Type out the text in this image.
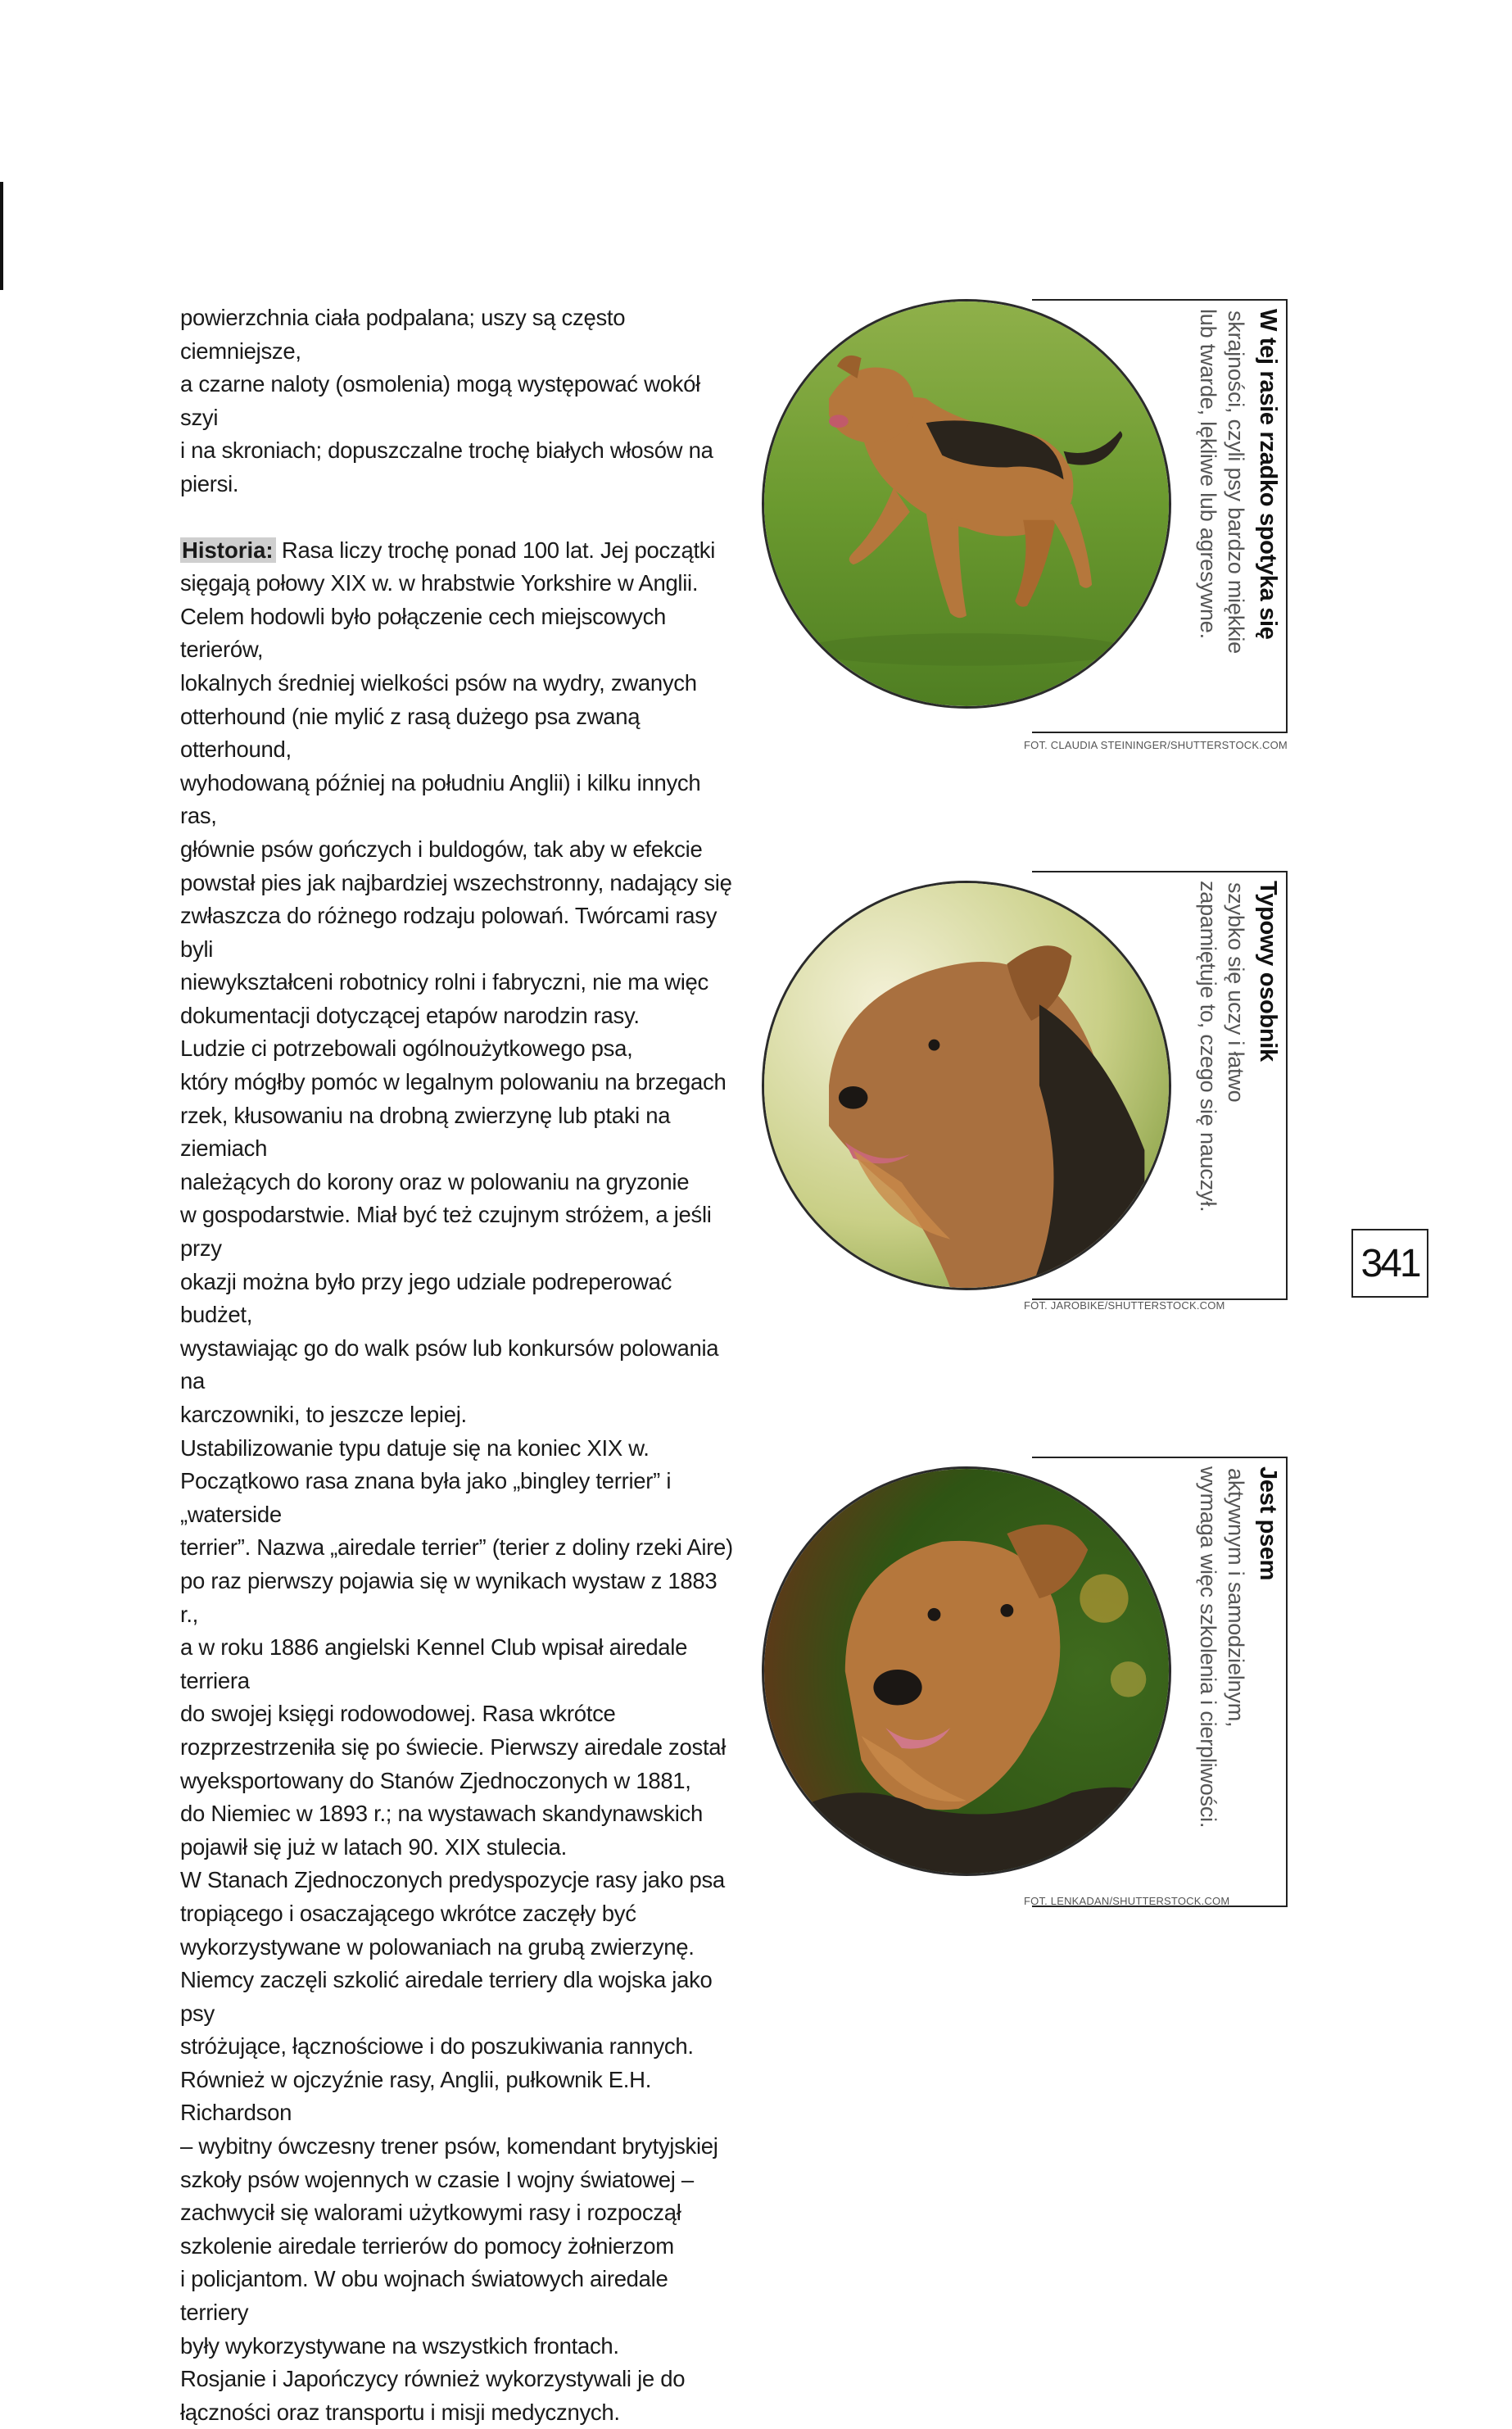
powierzchnia ciała podpalana; uszy są często ciemniejsze,

a czarne naloty (osmolenia) mogą występować wokół szyi

i na skroniach; dopuszczalne trochę białych włosów na

piersi.

Historia: Rasa liczy trochę ponad 100 lat. Jej początki

sięgają połowy XIX w. w hrabstwie Yorkshire w Anglii.

Celem hodowli było połączenie cech miejscowych terierów,

lokalnych średniej wielkości psów na wydry, zwanych

otterhound (nie mylić z rasą dużego psa zwaną otterhound,

wyhodowaną później na południu Anglii) i kilku innych ras,

głównie psów gończych i buldogów, tak aby w efekcie

powstał pies jak najbardziej wszechstronny, nadający się

zwłaszcza do różnego rodzaju polowań. Twórcami rasy byli

niewykształceni robotnicy rolni i fabryczni, nie ma więc

dokumentacji dotyczącej etapów narodzin rasy.

Ludzie ci potrzebowali ogólnoużytkowego psa,

który mógłby pomóc w legalnym polowaniu na brzegach

rzek, kłusowaniu na drobną zwierzynę lub ptaki na ziemiach

należących do korony oraz w polowaniu na gryzonie

w gospodarstwie. Miał być też czujnym stróżem, a jeśli przy

okazji można było przy jego udziale podreperować budżet,

wystawiając go do walk psów lub konkursów polowania na

karczowniki, to jeszcze lepiej.

Ustabilizowanie typu datuje się na koniec XIX w.

Początkowo rasa znana była jako „bingley terrier” i „waterside

terrier”. Nazwa „airedale terrier” (terier z doliny rzeki Aire)

po raz pierwszy pojawia się w wynikach wystaw z 1883 r.,

a w roku 1886 angielski Kennel Club wpisał airedale terriera

do swojej księgi rodowodowej. Rasa wkrótce

rozprzestrzeniła się po świecie. Pierwszy airedale został

wyeksportowany do Stanów Zjednoczonych w 1881,

do Niemiec w 1893 r.; na wystawach skandynawskich

pojawił się już w latach 90. XIX stulecia.

W Stanach Zjednoczonych predyspozycje rasy jako psa

tropiącego i osaczającego wkrótce zaczęły być

wykorzystywane w polowaniach na grubą zwierzynę.

Niemcy zaczęli szkolić airedale terriery dla wojska jako psy

stróżujące, łącznościowe i do poszukiwania rannych.

Również w ojczyźnie rasy, Anglii, pułkownik E.H. Richardson

– wybitny ówczesny trener psów, komendant brytyjskiej

szkoły psów wojennych w czasie I wojny światowej –

zachwycił się walorami użytkowymi rasy i rozpoczął

szkolenie airedale terrierów do pomocy żołnierzom

i policjantom. W obu wojnach światowych airedale terriery

były wykorzystywane na wszystkich frontach.

Rosjanie i Japończycy również wykorzystywali je do

łączności oraz transportu i misji medycznych.

W tej rasie rzadko spotyka się
skrajności, czyli psy bardzo miękkie
lub twarde, lękliwe lub agresywne.
FOT. CLAUDIA STEININGER/SHUTTERSTOCK.COM
Typowy osobnik
szybko się uczy i łatwo
zapamiętuje to, czego się nauczył.
FOT. JAROBIKE/SHUTTERSTOCK.COM
Jest psem
aktywnym i samodzielnym,
wymaga więc szkolenia i cierpliwości.
FOT. LENKADAN/SHUTTERSTOCK.COM
341
